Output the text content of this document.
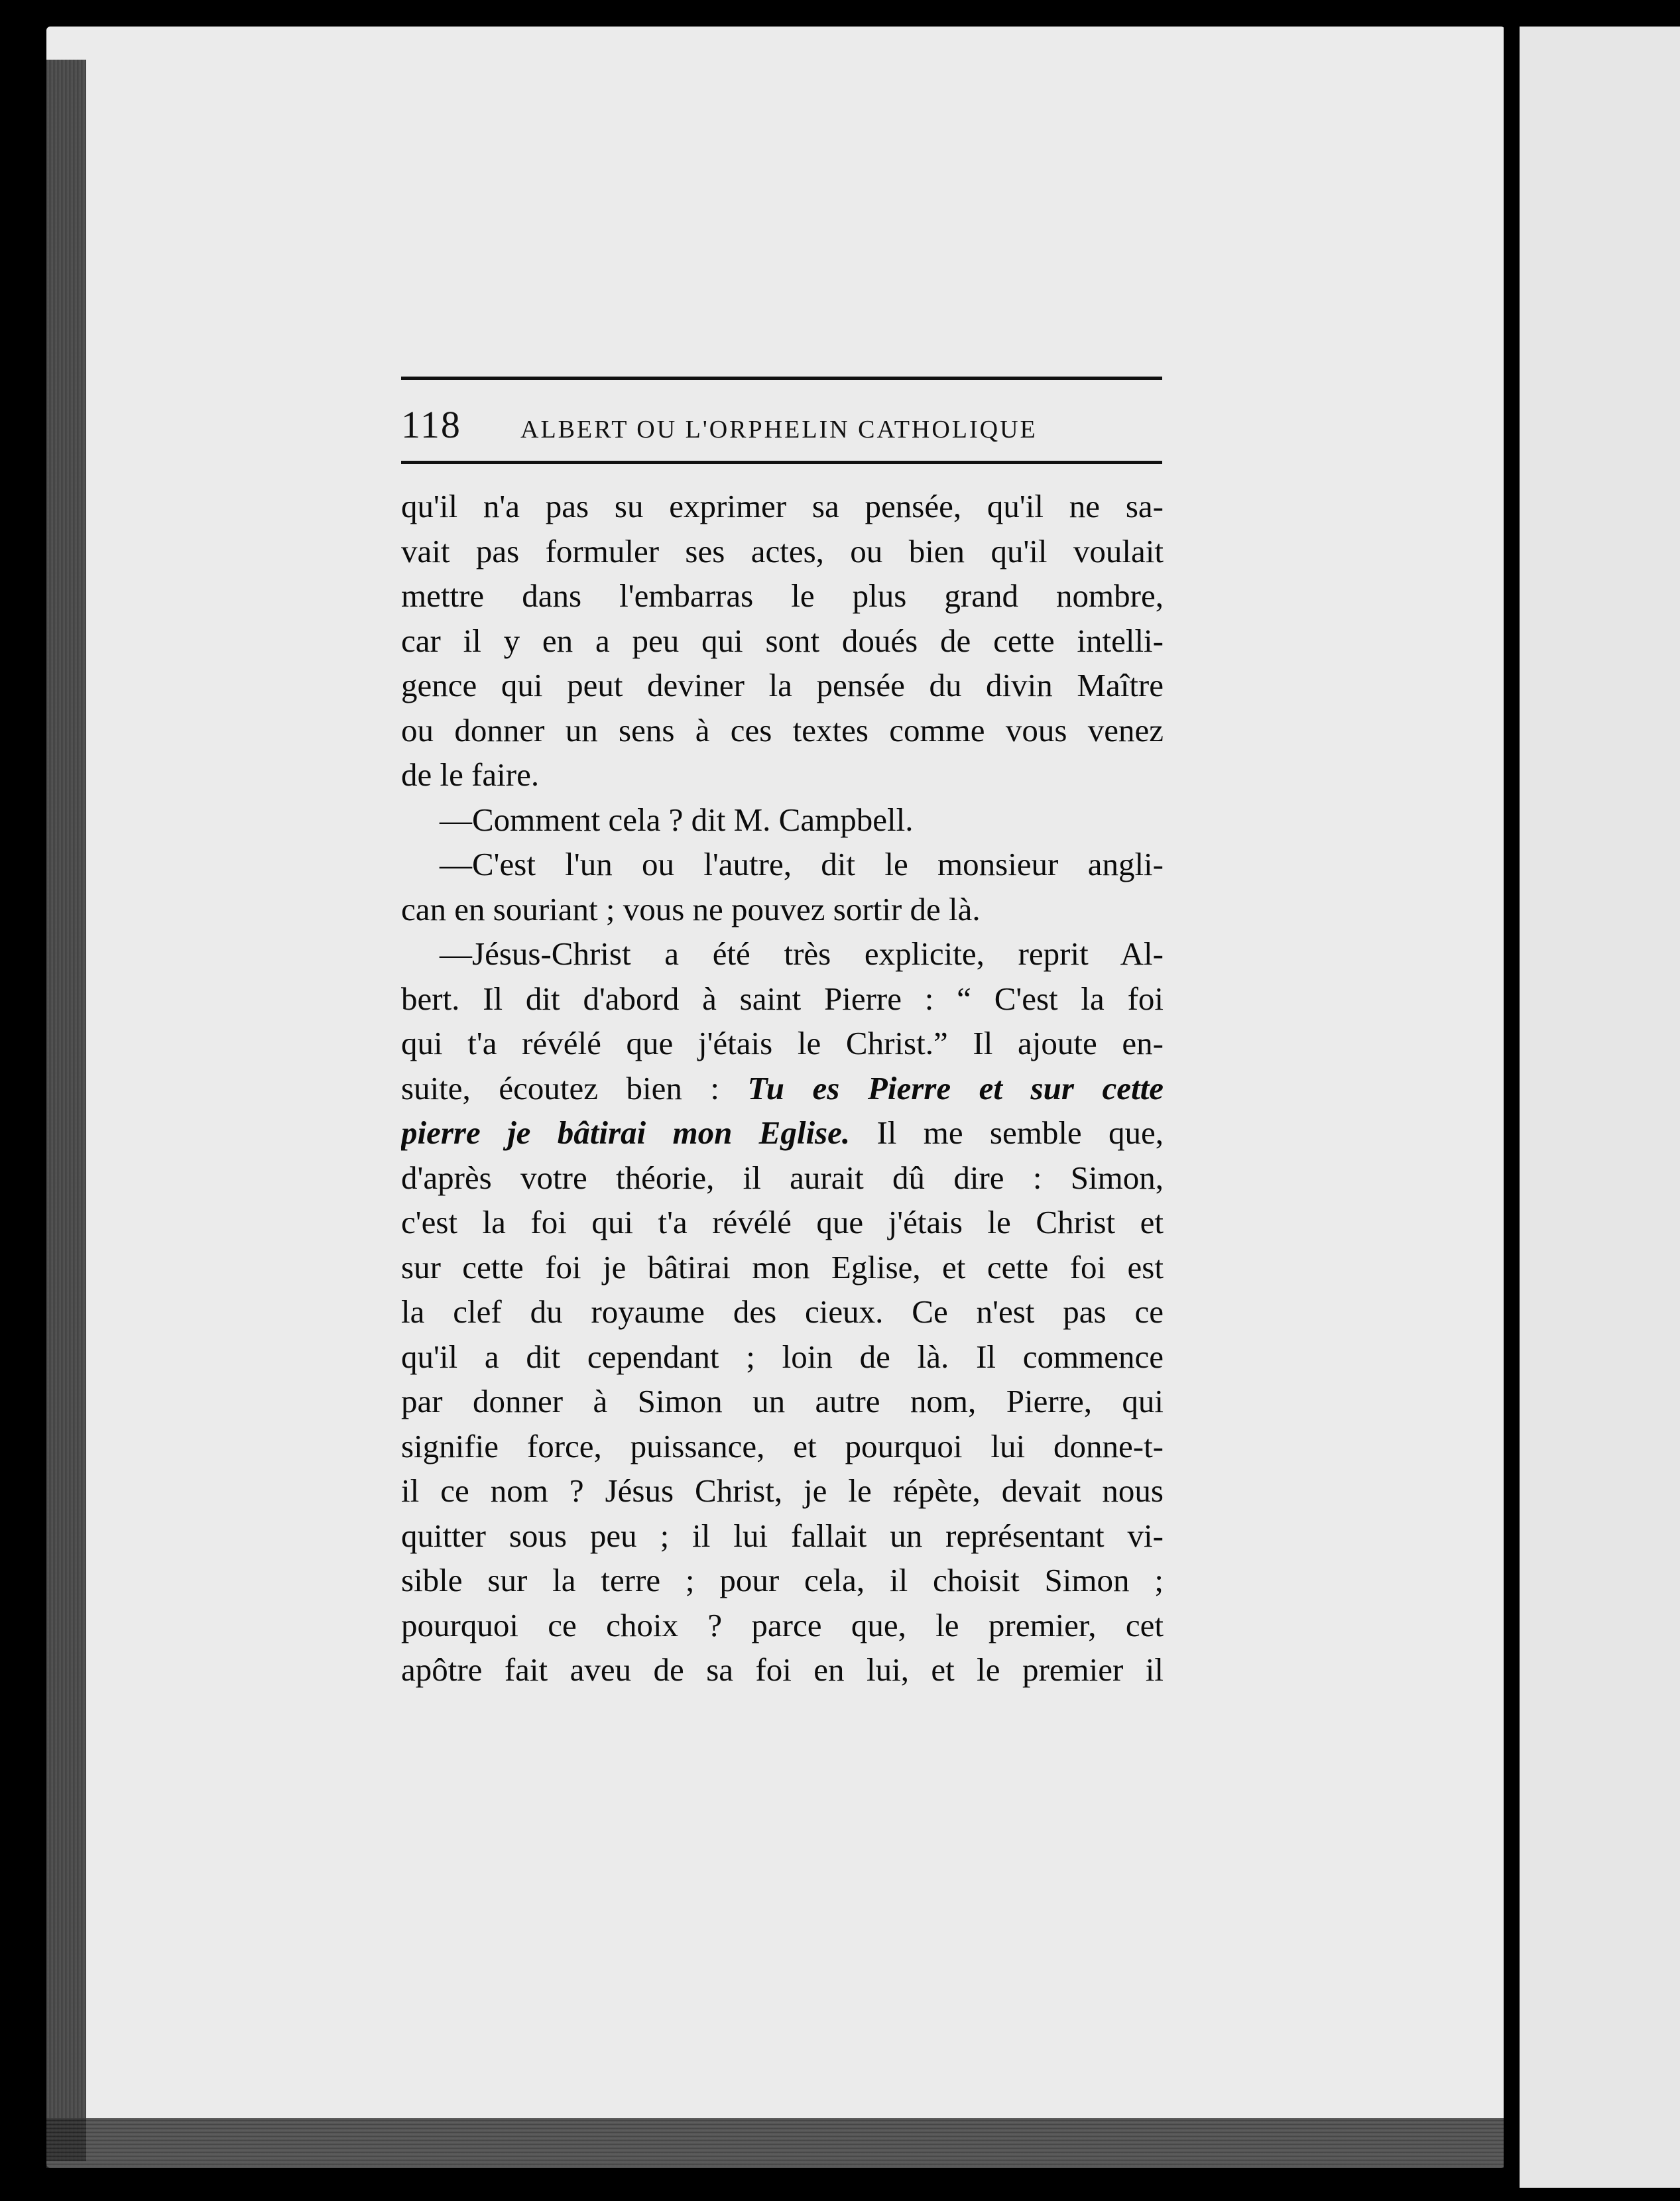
118	ALBERT OU L'ORPHELIN CATHOLIQUE
qu'il n'a pas su exprimer sa pensée, qu'il ne sa-
vait pas formuler ses actes, ou bien qu'il voulait
mettre dans l'embarras le plus grand nombre,
car il y en a peu qui sont doués de cette intelli-
gence qui peut deviner la pensée du divin Maître
ou donner un sens à ces textes comme vous venez
de le faire.
—Comment cela ? dit M. Campbell.
—C'est l'un ou l'autre, dit le monsieur angli-
can en souriant ; vous ne pouvez sortir de là.
—Jésus-Christ a été très explicite, reprit Al-
bert. Il dit d'abord à saint Pierre : “ C'est la foi
qui t'a révélé que j'étais le Christ.” Il ajoute en-
suite, écoutez bien : Tu es Pierre et sur cette
pierre je bâtirai mon Eglise. Il me semble que,
d'après votre théorie, il aurait dû dire : Simon,
c'est la foi qui t'a révélé que j'étais le Christ et
sur cette foi je bâtirai mon Eglise, et cette foi est
la clef du royaume des cieux. Ce n'est pas ce
qu'il a dit cependant ; loin de là. Il commence
par donner à Simon un autre nom, Pierre, qui
signifie force, puissance, et pourquoi lui donne-t-
il ce nom ? Jésus Christ, je le répète, devait nous
quitter sous peu ; il lui fallait un représentant vi-
sible sur la terre ; pour cela, il choisit Simon ;
pourquoi ce choix ? parce que, le premier, cet
apôtre fait aveu de sa foi en lui, et le premier il
